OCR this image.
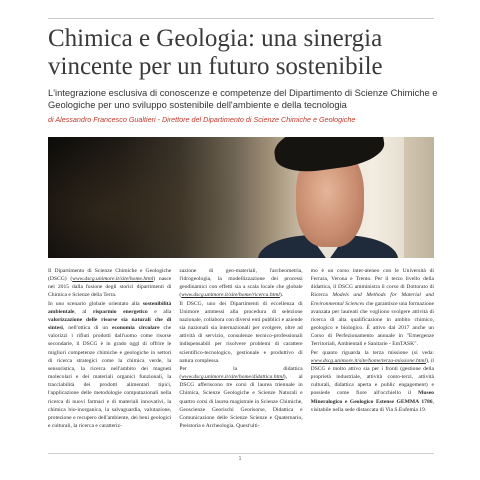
Chimica e Geologia: una sinergia vincente per un futuro sostenibile

L'integrazione esclusiva di conoscenze e competenze del Dipartimento di Scienze Chimiche e Geologiche per uno sviluppo sostenibile dell'ambiente e della tecnologia

di Alessandro Francesco Gualtieri - Direttore del Dipartimento di Scienze Chimiche e Geologiche

Il Dipartimento di Scienze Chimiche e Geologiche (DSCG) (www.dscg.unimore.it/site/home.html) nasce nel 2015 dalla fusione degli storici dipartimenti di Chimica e Scienze della Terra.
In uno scenario globale orientato alla sostenibilità ambientale, al risparmio energetico e alla valorizzazione delle risorse sia naturali che di sintesi, nell'ottica di un economia circolare che valorizzi i rifiuti prodotti dall'uomo come risorse secondarie, il DSCG è in grado oggi di offrire le migliori competenze chimiche e geologiche in settori di ricerca strategici come la chimica verde, la sensoristica, la ricerca nell'ambito dei magneti molecolari e dei materiali organici funzionali, la tracciabilità dei prodotti alimentari tipici, l'applicazione delle metodologie computazionali nella ricerca di nuovi farmaci e di materiali innovativi, la chimica bio-inorganica, la salvaguardia, valutazione, protezione e recupero dell'ambiente, dei beni geologici e culturali, la ricerca e caratteriz-

zazione di geo-materiali, l'archeometria, l'idrogeologia, la modellizzazione dei processi geodinamici con effetti sia a scala locale che globale (www.dscg.unimore.it/site/home/ricerca.html).
Il DSCG, uno dei Dipartimenti di eccellenza di Unimore ammessi alla procedura di selezione nazionale, collabora con diversi enti pubblici e aziende sia nazionali sia internazionali per svolgere, oltre ad attività di servizio, consulenze tecnico-professionali indispensabili per risolvere problemi di carattere scientifico-tecnologico, gestionale e produttivo di natura complessa.
Per la didattica (www.dscg.unimore.it/site/home/didattica.html), al DSCG afferiscono tre corsi di laurea triennale in Chimica, Scienze Geologiche e Scienze Naturali e quattro corsi di laurea magistrale in Scienze Chimiche, Geoscienze Georischi Georisorse, Didattica e Comunicazione delle Scienze Scienze e Quaternario, Preistoria e Archeologia. Quest'ulti-

mo è un corso inter-ateneo con le Università di Ferrara, Verona e Trento. Per il terzo livello della didattica, il DSCG amministra il corso di Dottorato di Ricerca Models and Methods for Material and Environmental Sciences che garantisce una formazione avanzata per laureati che vogliono svolgere attività di ricerca di alta qualificazione in ambito chimico, geologico e biologico. È attivo dal 2017 anche un Corso di Perfezionamento annuale in "Emergenze Territoriali, Ambientali e Sanitarie - EmTASK".
Per quanto riguarda la terza missione (si veda: www.dscg.unimore.it/site/home/terza-missione.html), il DSCG è molto attivo sia per i fronti (gestione della proprietà industriale, attività conto-terzi, attività culturali, didattica aperta e public engagement) e possiede come fiore all'occhiello il Museo Mineralogico e Geologico Estense GEMMA 1786, visitabile nella sede distaccata di Via S.Eufemia 19.

1
